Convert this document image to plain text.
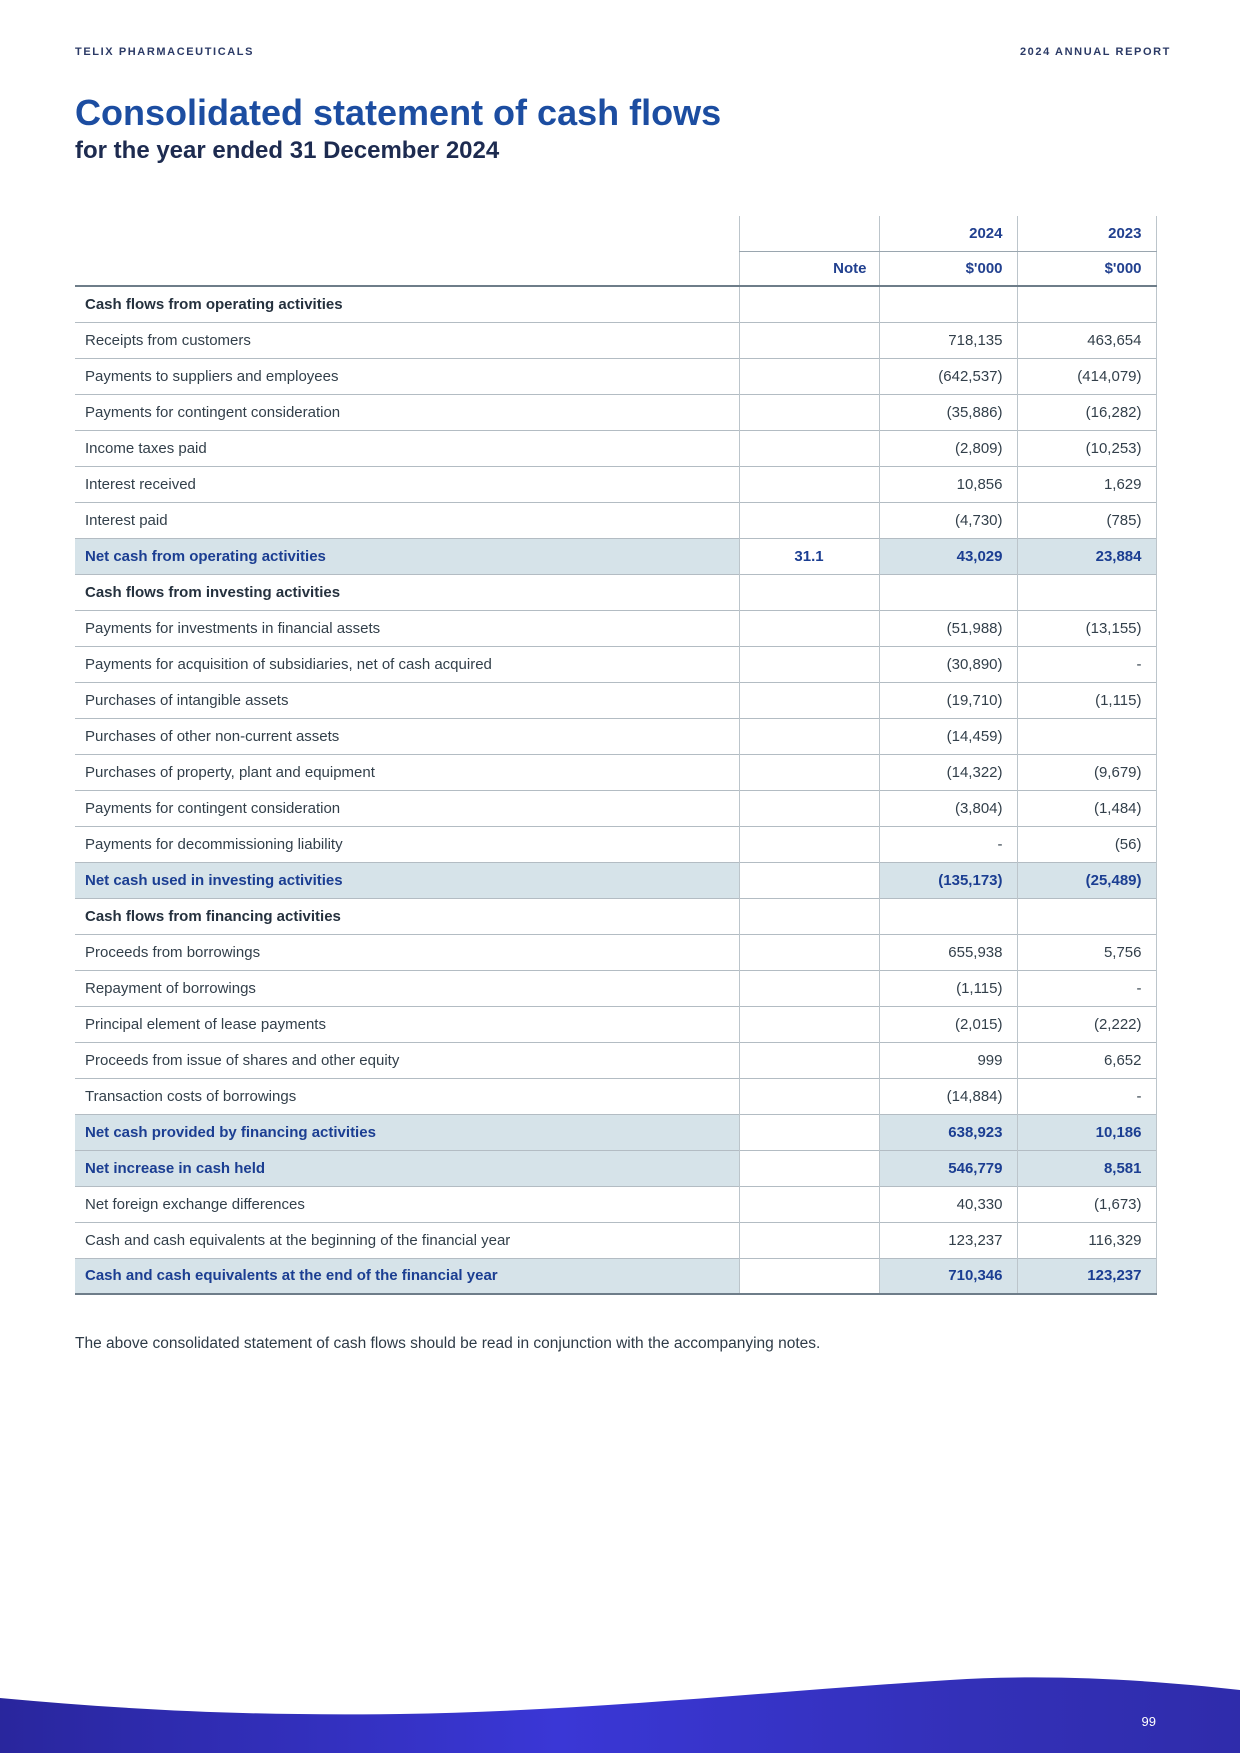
TELIX PHARMACEUTICALS	2024 ANNUAL REPORT
Consolidated statement of cash flows
for the year ended 31 December 2024
		2024	2023
	Note	$'000	$'000
Cash flows from operating activities			
Receipts from customers		718,135	463,654
Payments to suppliers and employees		(642,537)	(414,079)
Payments for contingent consideration		(35,886)	(16,282)
Income taxes paid		(2,809)	(10,253)
Interest received		10,856	1,629
Interest paid		(4,730)	(785)
Net cash from operating activities	31.1	43,029	23,884
Cash flows from investing activities			
Payments for investments in financial assets		(51,988)	(13,155)
Payments for acquisition of subsidiaries, net of cash acquired		(30,890)	-
Purchases of intangible assets		(19,710)	(1,115)
Purchases of other non-current assets		(14,459)	
Purchases of property, plant and equipment		(14,322)	(9,679)
Payments for contingent consideration		(3,804)	(1,484)
Payments for decommissioning liability		-	(56)
Net cash used in investing activities		(135,173)	(25,489)
Cash flows from financing activities			
Proceeds from borrowings		655,938	5,756
Repayment of borrowings		(1,115)	-
Principal element of lease payments		(2,015)	(2,222)
Proceeds from issue of shares and other equity		999	6,652
Transaction costs of borrowings		(14,884)	-
Net cash provided by financing activities		638,923	10,186
Net increase in cash held		546,779	8,581
Net foreign exchange differences		40,330	(1,673)
Cash and cash equivalents at the beginning of the financial year		123,237	116,329
Cash and cash equivalents at the end of the financial year		710,346	123,237

The above consolidated statement of cash flows should be read in conjunction with the accompanying notes.

99
